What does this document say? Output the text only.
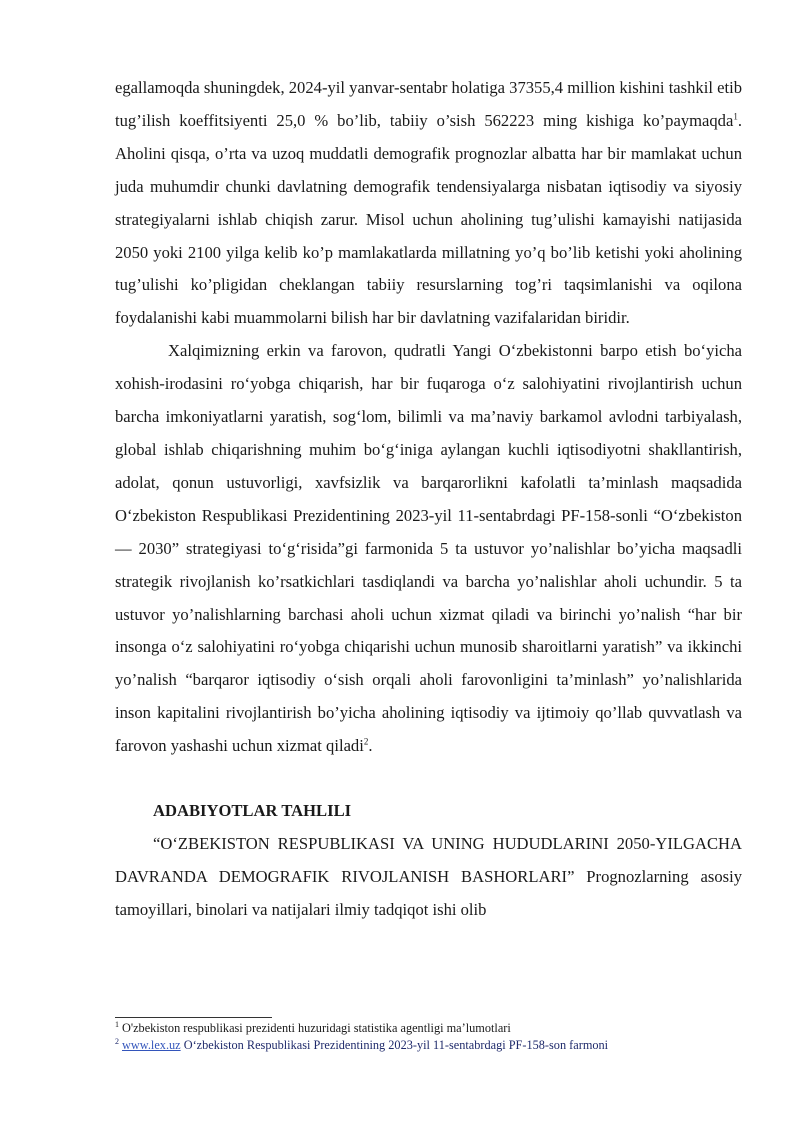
egallamoqda shuningdek, 2024-yil yanvar-sentabr holatiga 37355,4 million kishini tashkil etib tug’ilish koeffitsiyenti 25,0 % bo’lib, tabiiy o’sish 562223 ming kishiga ko’paymaqda$^1$. Aholini qisqa, o’rta va uzoq muddatli demografik prognozlar albatta har bir mamlakat uchun juda muhumdir chunki davlatning demografik tendensiyalarga nisbatan iqtisodiy va siyosiy strategiyalarni ishlab chiqish zarur. Misol uchun aholining tug’ulishi kamayishi natijasida 2050 yoki 2100 yilga kelib ko’p mamlakatlarda millatning yo’q bo’lib ketishi yoki aholining tug’ulishi ko’pligidan cheklangan tabiiy resurslarning tog’ri taqsimlanishi va oqilona foydalanishi kabi muammolarni bilish har bir davlatning vazifalaridan biridir.

Xalqimizning erkin va farovon, qudratli Yangi O‘zbekistonni barpo etish bo‘yicha xohish-irodasini ro‘yobga chiqarish, har bir fuqaroga o‘z salohiyatini rivojlantirish uchun barcha imkoniyatlarni yaratish, sog‘lom, bilimli va ma’naviy barkamol avlodni tarbiyalash, global ishlab chiqarishning muhim bo‘g‘iniga aylangan kuchli iqtisodiyotni shakllantirish, adolat, qonun ustuvorligi, xavfsizlik va barqarorlikni kafolatli ta’minlash maqsadida O‘zbekiston Respublikasi Prezidentining 2023-yil 11-sentabrdagi PF-158-sonli “O‘zbekiston — 2030” strategiyasi to‘g‘risida”gi farmonida 5 ta ustuvor yo’nalishlar bo’yicha maqsadli strategik rivojlanish ko’rsatkichlari tasdiqlandi va barcha yo’nalishlar aholi uchundir. 5 ta ustuvor yo’nalishlarning barchasi aholi uchun xizmat qiladi va birinchi yo’nalish “har bir insonga o‘z salohiyatini ro‘yobga chiqarishi uchun munosib sharoitlarni yaratish” va ikkinchi yo’nalish “barqaror iqtisodiy o‘sish orqali aholi farovonligini ta’minlash” yo’nalishlarida inson kapitalini rivojlantirish bo’yicha aholining iqtisodiy va ijtimoiy qo’llab quvvatlash va farovon yashashi uchun xizmat qiladi$^2$.

ADABIYOTLAR TAHLILI

“O‘ZBEKISTON RESPUBLIKASI VA UNING HUDUDLARINI 2050-YILGACHA DAVRANDA DEMOGRAFIK RIVOJLANISH BASHORLARI” Prognozlarning asosiy tamoyillari, binolari va natijalari ilmiy tadqiqot ishi olib

$^1$ O'zbekiston respublikasi prezidenti huzuridagi statistika agentligi ma’lumotlari

$^2$ www.lex.uz O‘zbekiston Respublikasi Prezidentining 2023-yil 11-sentabrdagi PF-158-son farmoni
